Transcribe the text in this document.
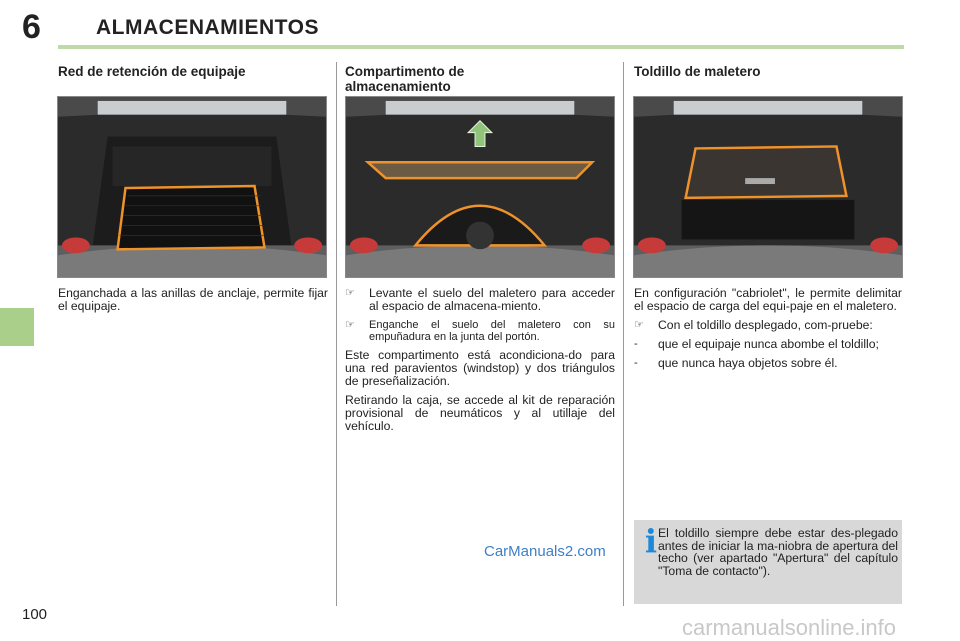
6	ALMACENAMIENTOS
Red de retención de equipaje

Enganchada a las anillas de anclaje, permite fijar el equipaje.

Compartimento de
almacenamiento
☞	Levante el suelo del maletero para acceder al espacio de almacena-miento.
☞	Enganche el suelo del maletero con su empuñadura en la junta del portón.

Este compartimento está acondiciona-do para una red paravientos (windstop) y dos triángulos de preseñalización.

Retirando la caja, se accede al kit de reparación provisional de neumáticos y al utillaje del vehículo.

Toldillo de maletero

En configuración "cabriolet", le permite delimitar el espacio de carga del equi-paje en el maletero.

☞	Con el toldillo desplegado, com-pruebe:
-	que el equipaje nunca abombe el toldillo;
-	que nunca haya objetos sobre él.
i El toldillo siempre debe estar des-plegado antes de iniciar la ma-niobra de apertura del techo (ver apartado "Apertura" del capítulo "Toma de contacto").
100
CarManuals2.com
carmanualsonline.info
